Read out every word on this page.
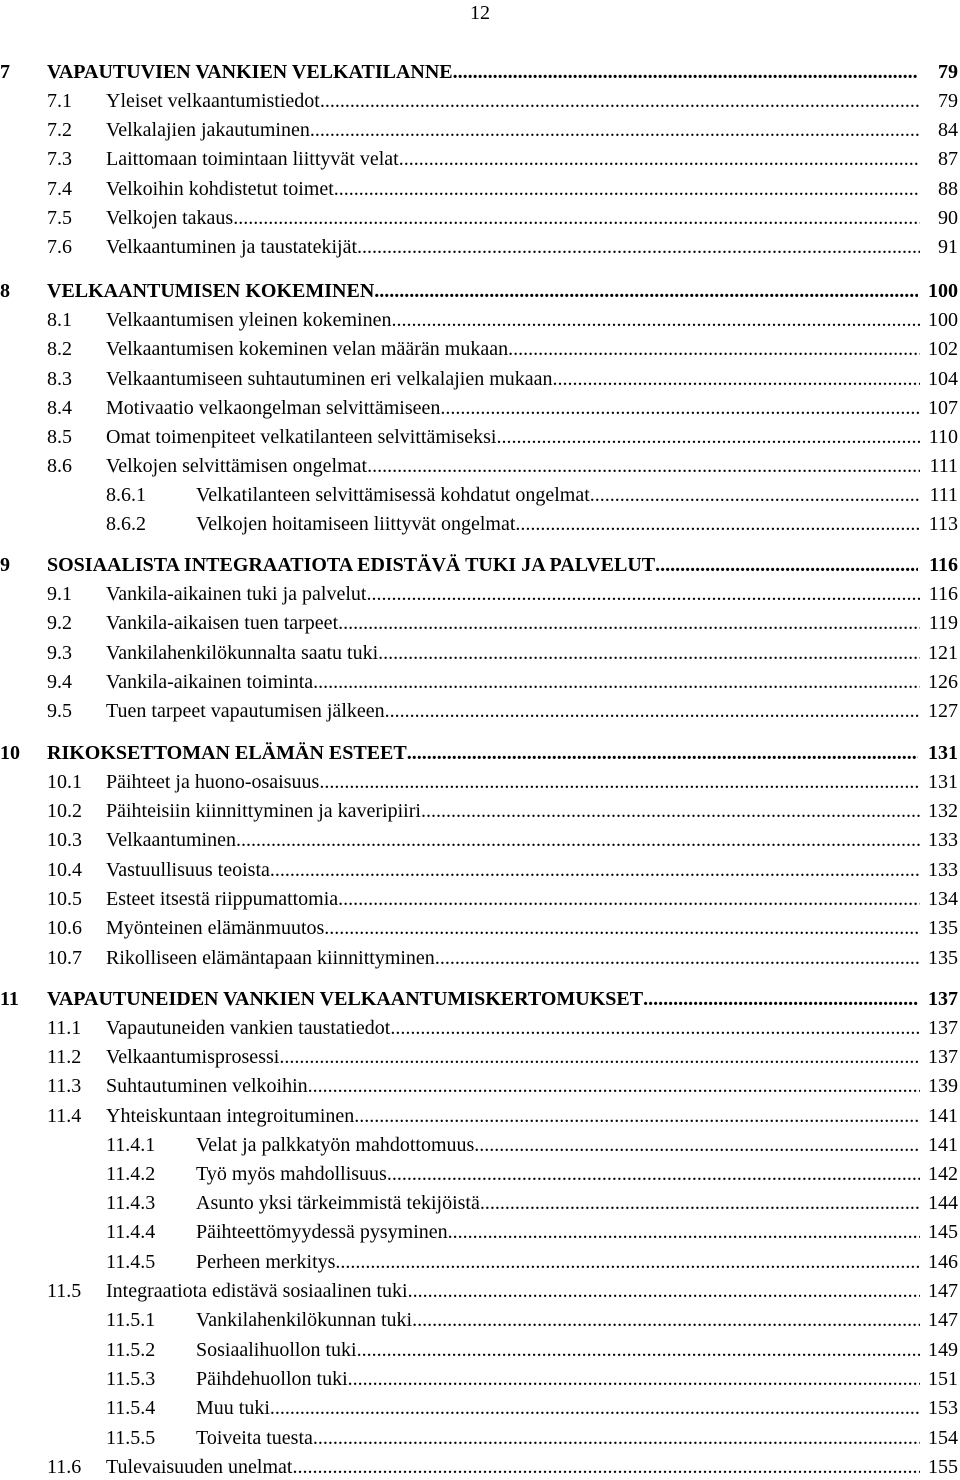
12
7 VAPAUTUVIEN VANKIEN VELKATILANNE .....	79
7.1 Yleiset velkaantumistiedot .....	79
7.2 Velkalajien jakautuminen .....	84
7.3 Laittomaan toimintaan liittyvät velat .....	87
7.4 Velkoihin kohdistetut toimet .....	88
7.5 Velkojen takaus .....	90
7.6 Velkaantuminen ja taustatekijät .....	91
8 VELKAANTUMISEN KOKEMINEN .....	100
8.1 Velkaantumisen yleinen kokeminen .....	100
8.2 Velkaantumisen kokeminen velan määrän mukaan .....	102
8.3 Velkaantumiseen suhtautuminen eri velkalajien mukaan .....	104
8.4 Motivaatio velkaongelman selvittämiseen .....	107
8.5 Omat toimenpiteet velkatilanteen selvittämiseksi .....	110
8.6 Velkojen selvittämisen ongelmat .....	111
8.6.1	Velkatilanteen selvittämisessä kohdatut ongelmat .....	111
8.6.2	Velkojen hoitamiseen liittyvät ongelmat .....	113
9 SOSIAALISTA INTEGRAATIOTA EDISTÄVÄ TUKI JA PALVELUT .....	116
9.1 Vankila-aikainen tuki ja palvelut .....	116
9.2 Vankila-aikaisen tuen tarpeet .....	119
9.3 Vankilahenkilökunnalta saatu tuki .....	121
9.4 Vankila-aikainen toiminta .....	126
9.5 Tuen tarpeet vapautumisen jälkeen .....	127
10 RIKOKSETTOMAN ELÄMÄN ESTEET .....	131
10.1 Päihteet ja huono-osaisuus .....	131
10.2 Päihteisiin kiinnittyminen ja kaveripiiri .....	132
10.3 Velkaantuminen .....	133
10.4 Vastuullisuus teoista .....	133
10.5 Esteet itsestä riippumattomia .....	134
10.6 Myönteinen elämänmuutos .....	135
10.7 Rikolliseen elämäntapaan kiinnittyminen .....	135
11 VAPAUTUNEIDEN VANKIEN VELKAANTUMISKERTOMUKSET .....	137
11.1 Vapautuneiden vankien taustatiedot .....	137
11.2 Velkaantumisprosessi .....	137
11.3 Suhtautuminen velkoihin .....	139
11.4 Yhteiskuntaan integroituminen .....	141
11.4.1 Velat ja palkkatyön mahdottomuus .....	141
11.4.2 Työ myös mahdollisuus .....	142
11.4.3 Asunto yksi tärkeimmistä tekijöistä .....	144
11.4.4 Päihteettömyydessä pysyminen .....	145
11.4.5 Perheen merkitys .....	146
11.5 Integraatiota edistävä sosiaalinen tuki .....	147
11.5.1 Vankilahenkilökunnan tuki .....	147
11.5.2 Sosiaalihuollon tuki .....	149
11.5.3 Päihdehuollon tuki .....	151
11.5.4 Muu tuki .....	153
11.5.5 Toiveita tuesta .....	154
11.6 Tulevaisuuden unelmat .....	155
